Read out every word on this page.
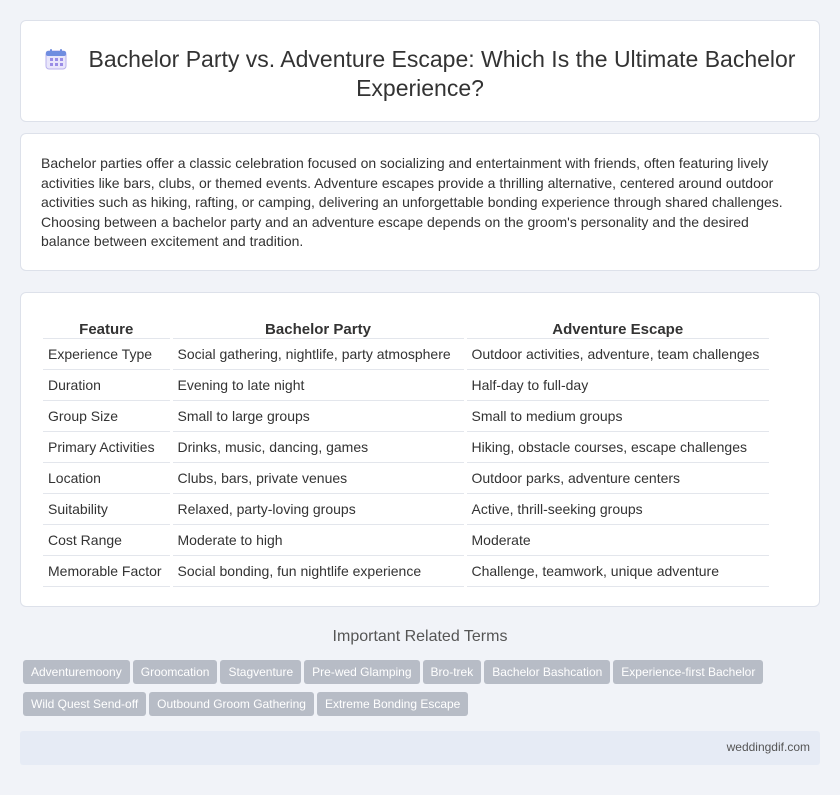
Bachelor Party vs. Adventure Escape: Which Is the Ultimate Bachelor Experience?

Bachelor parties offer a classic celebration focused on socializing and entertainment with friends, often featuring lively activities like bars, clubs, or themed events. Adventure escapes provide a thrilling alternative, centered around outdoor activities such as hiking, rafting, or camping, delivering an unforgettable bonding experience through shared challenges. Choosing between a bachelor party and an adventure escape depends on the groom's personality and the desired balance between excitement and tradition.

Feature	Bachelor Party	Adventure Escape
Experience Type	Social gathering, nightlife, party atmosphere	Outdoor activities, adventure, team challenges
Duration	Evening to late night	Half-day to full-day
Group Size	Small to large groups	Small to medium groups
Primary Activities	Drinks, music, dancing, games	Hiking, obstacle courses, escape challenges
Location	Clubs, bars, private venues	Outdoor parks, adventure centers
Suitability	Relaxed, party-loving groups	Active, thrill-seeking groups
Cost Range	Moderate to high	Moderate
Memorable Factor	Social bonding, fun nightlife experience	Challenge, teamwork, unique adventure
Important Related Terms
Adventuremoony Groomcation Stagventure Pre-wed Glamping Bro-trek Bachelor Bashcation Experience-first BachelorWild Quest Send-off Outbound Groom Gathering Extreme Bonding Escape
weddingdif.com
